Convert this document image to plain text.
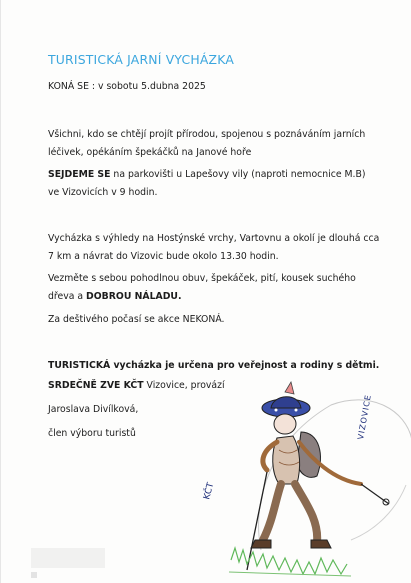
TURISTICKÁ JARNÍ VYCHÁZKA
KONÁ SE : v sobotu 5.dubna 2025
Všichni, kdo se chtějí projít přírodou, spojenou s poznáváním jarních
léčivek, opékáním špekáčků na Janové hoře
SEJDEME SE na parkovišti u Lapešovy vily (naproti nemocnice M.B)
ve Vizovicích v 9 hodin.
Vycházka s výhledy na Hostýnské vrchy, Vartovnu a okolí je dlouhá cca
7 km a návrat do Vizovic bude okolo 13.30 hodin.
Vezměte s sebou pohodlnou obuv, špekáček, pití, kousek suchého
dřeva a DOBROU NÁLADU.
Za deštivého počasí se akce NEKONÁ.
TURISTICKÁ vycházka je určena pro veřejnost a rodiny s dětmi.
SRDEČNĚ ZVE KČT Vizovice, provází
Jaroslava Divílková,
člen výboru turistů
KČT
VIZOVICE
